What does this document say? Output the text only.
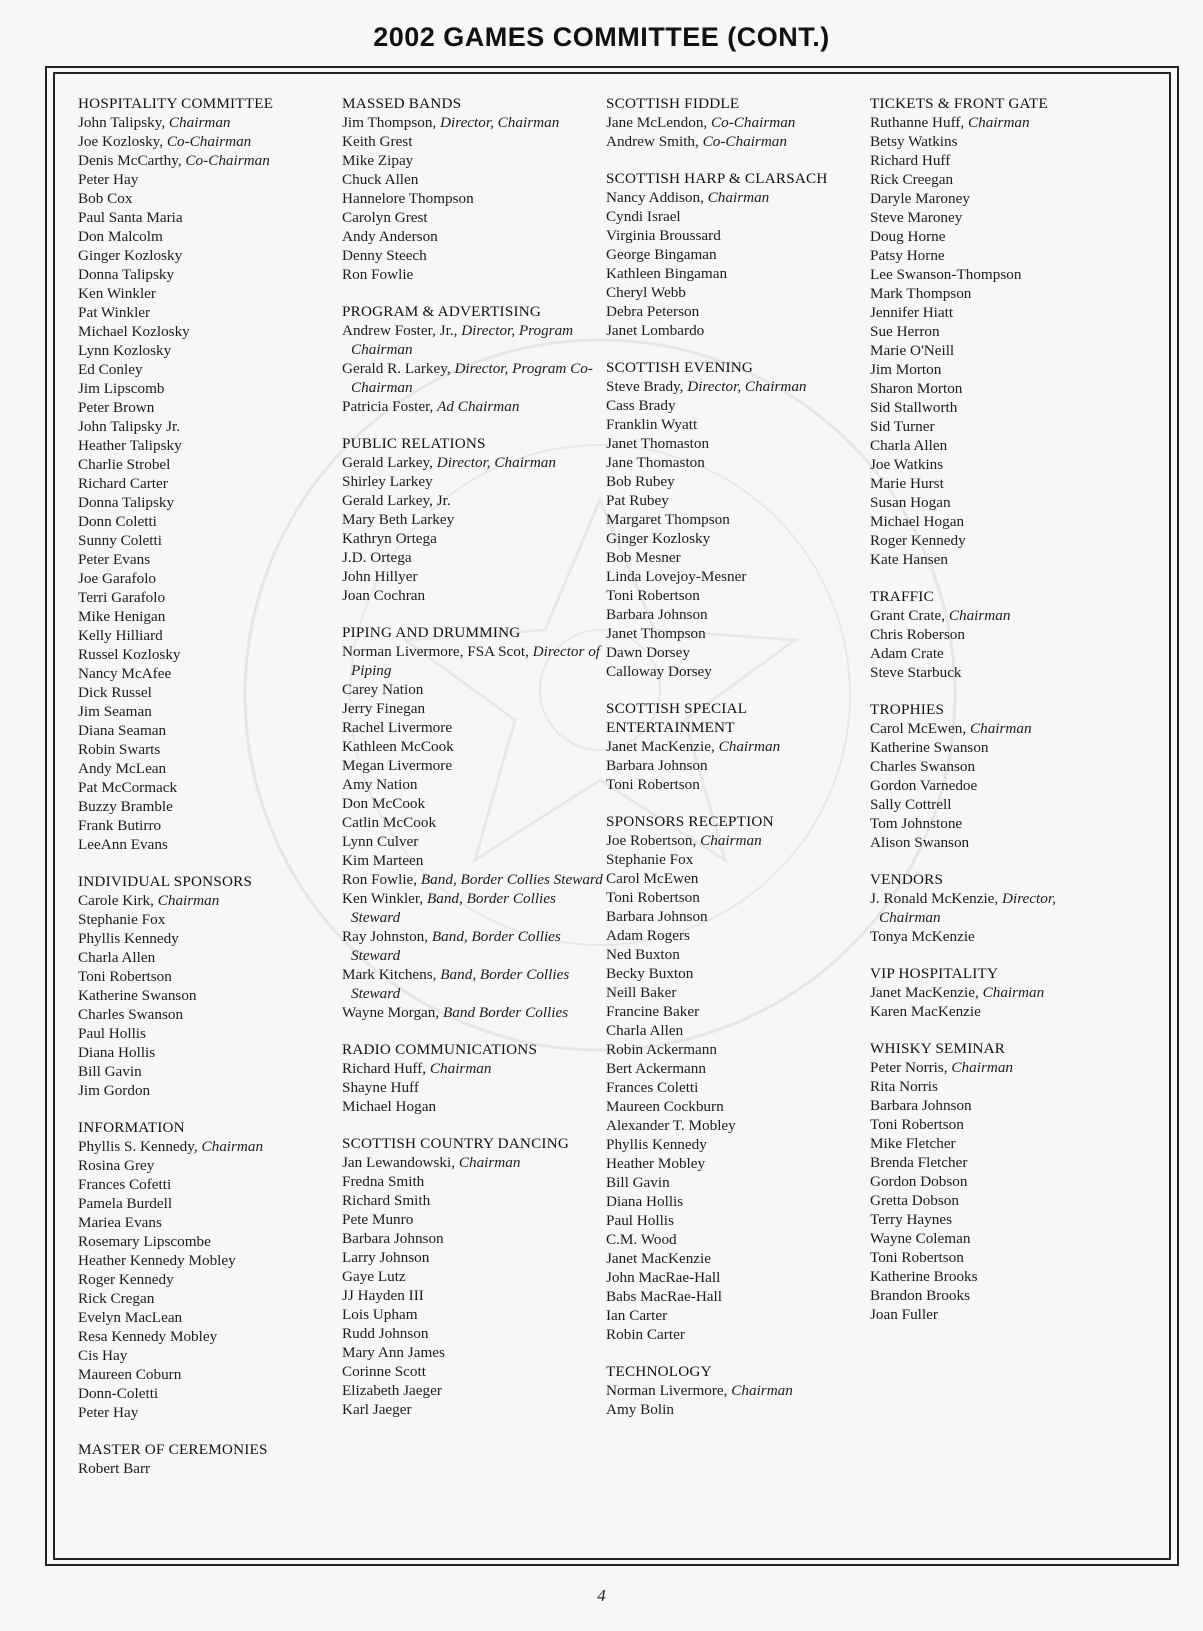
2002 GAMES COMMITTEE (CONT.)
HOSPITALITY COMMITTEE
John Talipsky, Chairman
Joe Kozlosky, Co-Chairman
Denis McCarthy, Co-Chairman
Peter Hay
Bob Cox
Paul Santa Maria
Don Malcolm
Ginger Kozlosky
Donna Talipsky
Ken Winkler
Pat Winkler
Michael Kozlosky
Lynn Kozlosky
Ed Conley
Jim Lipscomb
Peter Brown
John Talipsky Jr.
Heather Talipsky
Charlie Strobel
Richard Carter
Donna Talipsky
Donn Coletti
Sunny Coletti
Peter Evans
Joe Garafolo
Terri Garafolo
Mike Henigan
Kelly Hilliard
Russel Kozlosky
Nancy McAfee
Dick Russel
Jim Seaman
Diana Seaman
Robin Swarts
Andy McLean
Pat McCormack
Buzzy Bramble
Frank Butirro
LeeAnn Evans
INDIVIDUAL SPONSORS
Carole Kirk, Chairman
Stephanie Fox
Phyllis Kennedy
Charla Allen
Toni Robertson
Katherine Swanson
Charles Swanson
Paul Hollis
Diana Hollis
Bill Gavin
Jim Gordon
INFORMATION
Phyllis S. Kennedy, Chairman
Rosina Grey
Frances Cofetti
Pamela Burdell
Mariea Evans
Rosemary Lipscombe
Heather Kennedy Mobley
Roger Kennedy
Rick Cregan
Evelyn MacLean
Resa Kennedy Mobley
Cis Hay
Maureen Coburn
Donn-Coletti
Peter Hay
MASTER OF CEREMONIES
Robert Barr
MASSED BANDS
Jim Thompson, Director, Chairman
Keith Grest
Mike Zipay
Chuck Allen
Hannelore Thompson
Carolyn Grest
Andy Anderson
Denny Steech
Ron Fowlie
PROGRAM & ADVERTISING
Andrew Foster, Jr., Director, Program Chairman
Gerald R. Larkey, Director, Program Co-Chairman
Patricia Foster, Ad Chairman
PUBLIC RELATIONS
Gerald Larkey, Director, Chairman
Shirley Larkey
Gerald Larkey, Jr.
Mary Beth Larkey
Kathryn Ortega
J.D. Ortega
John Hillyer
Joan Cochran
PIPING AND DRUMMING
Norman Livermore, FSA Scot, Director of Piping
Carey Nation
Jerry Finegan
Rachel Livermore
Kathleen McCook
Megan Livermore
Amy Nation
Don McCook
Catlin McCook
Lynn Culver
Kim Marteen
Ron Fowlie, Band, Border Collies Steward
Ken Winkler, Band, Border Collies Steward
Ray Johnston, Band, Border Collies Steward
Mark Kitchens, Band, Border Collies Steward
Wayne Morgan, Band Border Collies
RADIO COMMUNICATIONS
Richard Huff, Chairman
Shayne Huff
Michael Hogan
SCOTTISH COUNTRY DANCING
Jan Lewandowski, Chairman
Fredna Smith
Richard Smith
Pete Munro
Barbara Johnson
Larry Johnson
Gaye Lutz
JJ Hayden III
Lois Upham
Rudd Johnson
Mary Ann James
Corinne Scott
Elizabeth Jaeger
Karl Jaeger
SCOTTISH FIDDLE
Jane McLendon, Co-Chairman
Andrew Smith, Co-Chairman
SCOTTISH HARP & CLARSACH
Nancy Addison, Chairman
Cyndi Israel
Virginia Broussard
George Bingaman
Kathleen Bingaman
Cheryl Webb
Debra Peterson
Janet Lombardo
SCOTTISH EVENING
Steve Brady, Director, Chairman
Cass Brady
Franklin Wyatt
Janet Thomaston
Jane Thomaston
Bob Rubey
Pat Rubey
Margaret Thompson
Ginger Kozlosky
Bob Mesner
Linda Lovejoy-Mesner
Toni Robertson
Barbara Johnson
Janet Thompson
Dawn Dorsey
Calloway Dorsey
SCOTTISH SPECIAL ENTERTAINMENT
Janet MacKenzie, Chairman
Barbara Johnson
Toni Robertson
SPONSORS RECEPTION
Joe Robertson, Chairman
Stephanie Fox
Carol McEwen
Toni Robertson
Barbara Johnson
Adam Rogers
Ned Buxton
Becky Buxton
Neill Baker
Francine Baker
Charla Allen
Robin Ackermann
Bert Ackermann
Frances Coletti
Maureen Cockburn
Alexander T. Mobley
Phyllis Kennedy
Heather Mobley
Bill Gavin
Diana Hollis
Paul Hollis
C.M. Wood
Janet MacKenzie
John MacRae-Hall
Babs MacRae-Hall
Ian Carter
Robin Carter
TECHNOLOGY
Norman Livermore, Chairman
Amy Bolin
TICKETS & FRONT GATE
Ruthanne Huff, Chairman
Betsy Watkins
Richard Huff
Rick Creegan
Daryle Maroney
Steve Maroney
Doug Horne
Patsy Horne
Lee Swanson-Thompson
Mark Thompson
Jennifer Hiatt
Sue Herron
Marie O'Neill
Jim Morton
Sharon Morton
Sid Stallworth
Sid Turner
Charla Allen
Joe Watkins
Marie Hurst
Susan Hogan
Michael Hogan
Roger Kennedy
Kate Hansen
TRAFFIC
Grant Crate, Chairman
Chris Roberson
Adam Crate
Steve Starbuck
TROPHIES
Carol McEwen, Chairman
Katherine Swanson
Charles Swanson
Gordon Varnedoe
Sally Cottrell
Tom Johnstone
Alison Swanson
VENDORS
J. Ronald McKenzie, Director, Chairman
Tonya McKenzie
VIP HOSPITALITY
Janet MacKenzie, Chairman
Karen MacKenzie
WHISKY SEMINAR
Peter Norris, Chairman
Rita Norris
Barbara Johnson
Toni Robertson
Mike Fletcher
Brenda Fletcher
Gordon Dobson
Gretta Dobson
Terry Haynes
Wayne Coleman
Toni Robertson
Katherine Brooks
Brandon Brooks
Joan Fuller
4
